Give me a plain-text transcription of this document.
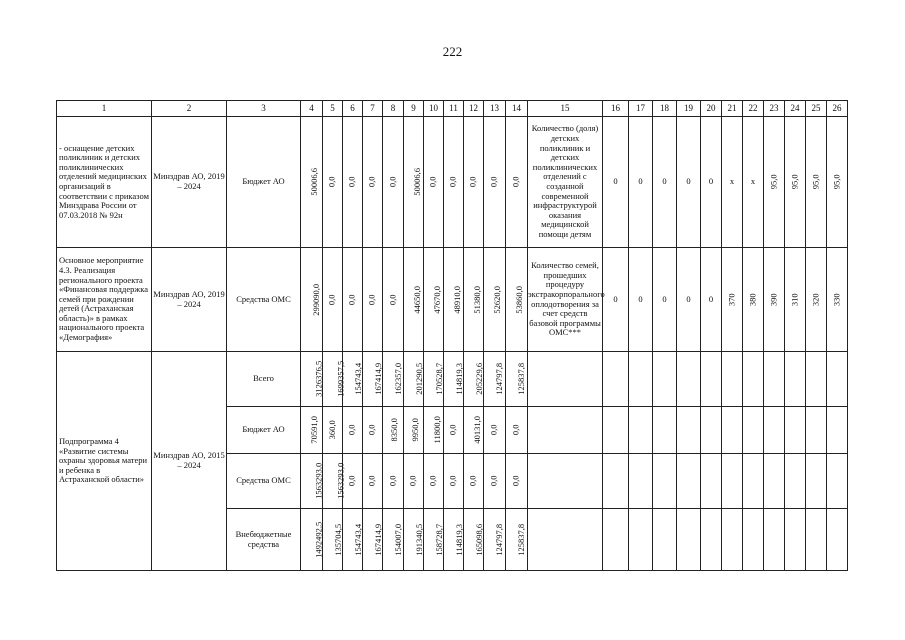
222
1	2	3	4	5	6	7	8	9	10	11	12	13	14	15	16	17	18	19	20	21	22	23	24	25	26
- оснащение детских поликлиник и детских поликлинических отделений медицинских организаций в соответствии с приказом Минздрава России от 07.03.2018 № 92н	Минздрав АО, 2019 – 2024	Бюджет АО	50006,6	0,0	0,0	0,0	0,0	50006,6	0,0	0,0	0,0	0,0	0,0	Количество (доля) детских поликлиник и детских поликлинических отделений с созданной современной инфраструктурой оказания медицинской помощи детям	0	0	0	0	0	x	x	95,0	95,0	95,0	95,0
Основное мероприятие 4.3. Реализация регионального проекта «Финансовая поддержка семей при рождении детей (Астраханская область)» в рамках национального проекта «Демография»	Минздрав АО, 2019 – 2024	Средства ОМС	299090,0	0,0	0,0	0,0	0,0	44650,0	47670,0	48910,0	51380,0	52620,0	53860,0	Количество семей, прошедших процедуру экстракорпорального оплодотворения за счет средств базовой программы ОМС***	0	0	0	0	0	370	380	390	310	320	330
Подпрограмма 4 «Развитие системы охраны здоровья матери и ребенка в Астраханской области»	Минздрав АО, 2015 – 2024	Всего	3126376,5	1699357,5	154743,4	167414,9	162357,0	201290,5	170528,7	114819,3	205229,6	124797,8	125837,8												
		Бюджет АО	70591,0	360,0	0,0	0,0	8350,0	9950,0	11800,0	0,0	40131,0	0,0	0,0												
		Средства ОМС	1563293,0	1563293,0	0,0	0,0	0,0	0,0	0,0	0,0	0,0	0,0	0,0												
		Внебюджетные средства	1492492,5	135704,5	154743,4	167414,9	154007,0	191340,5	158728,7	114819,3	165098,6	124797,8	125837,8												
